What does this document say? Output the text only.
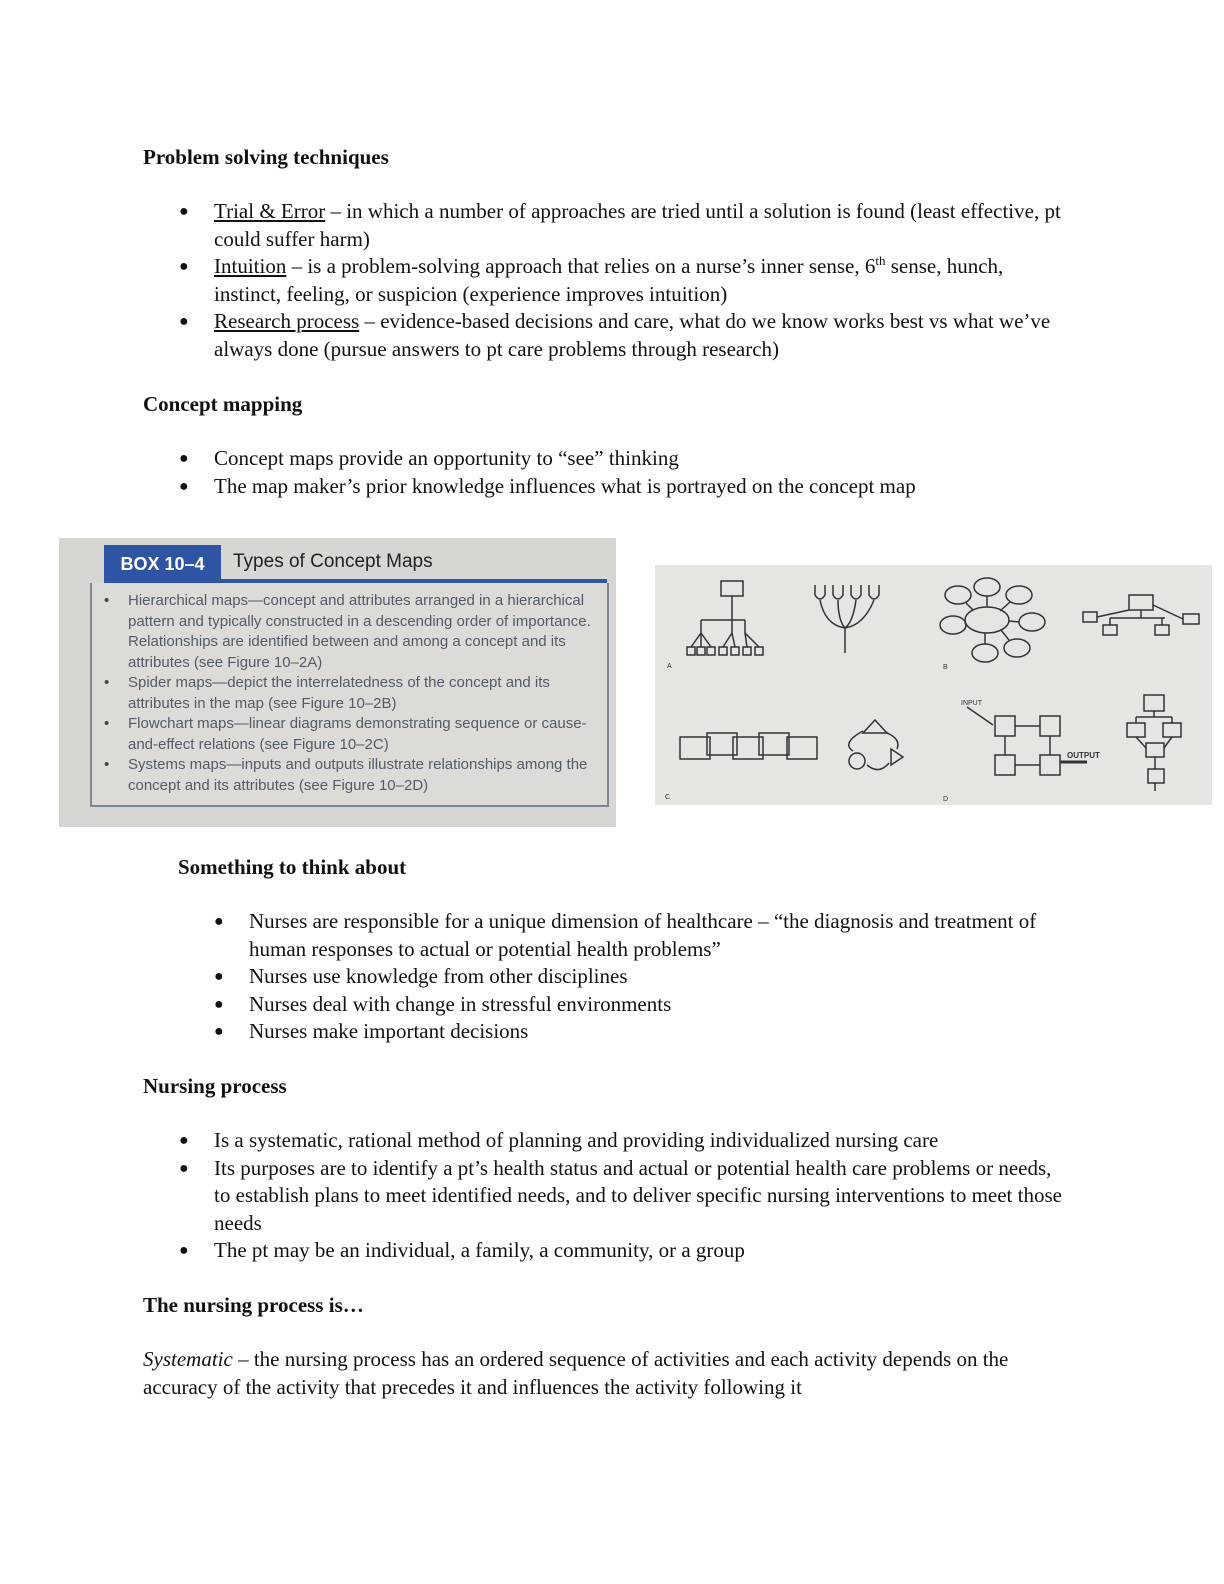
Problem solving techniques
● Trial & Error – in which a number of approaches are tried until a solution is found (least effective, pt could suffer harm)
● Intuition – is a problem-solving approach that relies on a nurse’s inner sense, 6th sense, hunch, instinct, feeling, or suspicion (experience improves intuition)
● Research process – evidence-based decisions and care, what do we know works best vs what we’ve always done (pursue answers to pt care problems through research)
Concept mapping
● Concept maps provide an opportunity to “see” thinking
● The map maker’s prior knowledge influences what is portrayed on the concept map
BOX 10–4	Types of Concept Maps
• Hierarchical maps—concept and attributes arranged in a hierarchical pattern and typically constructed in a descending order of importance. Relationships are identified between and among a concept and its attributes (see Figure 10–2A)
• Spider maps—depict the interrelatedness of the concept and its attributes in the map (see Figure 10–2B)
• Flowchart maps—linear diagrams demonstrating sequence or cause-and-effect relations (see Figure 10–2C)
• Systems maps—inputs and outputs illustrate relationships among the concept and its attributes (see Figure 10–2D)
A	B
C	D
INPUT
OUTPUT
Something to think about
● Nurses are responsible for a unique dimension of healthcare – “the diagnosis and treatment of human responses to actual or potential health problems”
● Nurses use knowledge from other disciplines
● Nurses deal with change in stressful environments
● Nurses make important decisions
Nursing process
● Is a systematic, rational method of planning and providing individualized nursing care
● Its purposes are to identify a pt’s health status and actual or potential health care problems or needs, to establish plans to meet identified needs, and to deliver specific nursing interventions to meet those needs
● The pt may be an individual, a family, a community, or a group
The nursing process is…
Systematic – the nursing process has an ordered sequence of activities and each activity depends on the accuracy of the activity that precedes it and influences the activity following it
